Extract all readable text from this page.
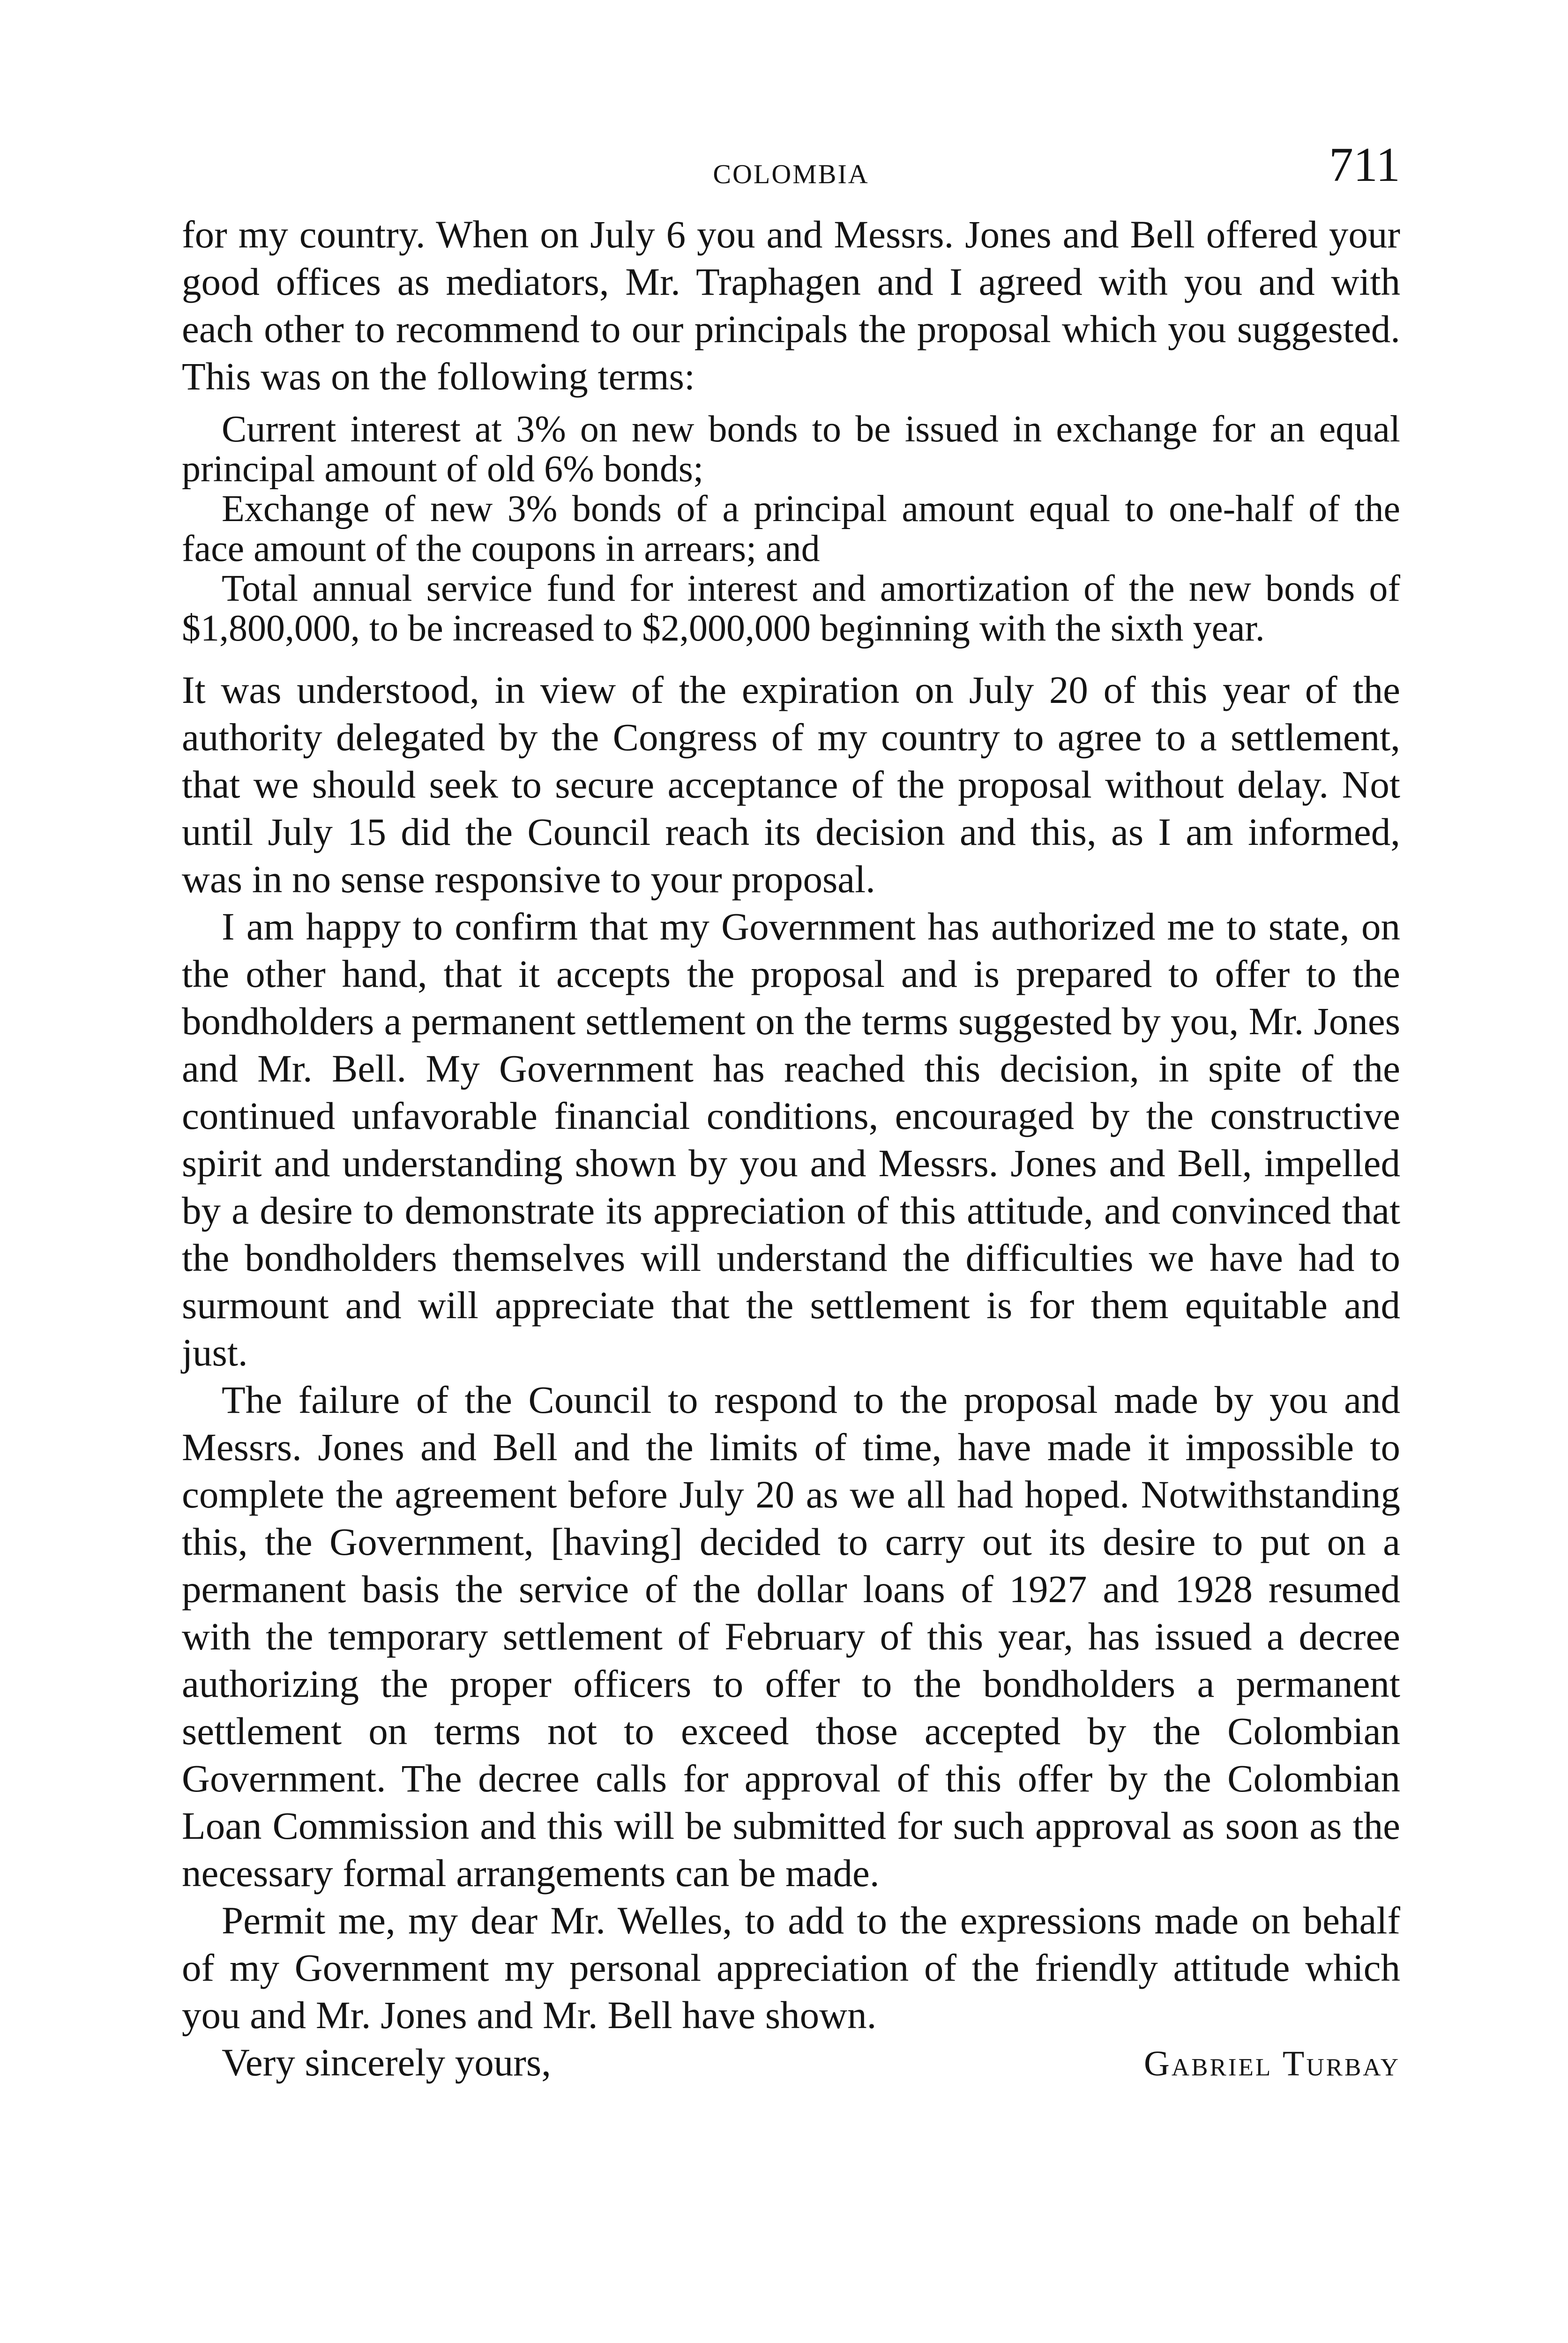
COLOMBIA	711

for my country. When on July 6 you and Messrs. Jones and Bell offered your good offices as mediators, Mr. Traphagen and I agreed with you and with each other to recommend to our principals the proposal which you suggested. This was on the following terms:

Current interest at 3% on new bonds to be issued in exchange for an equal principal amount of old 6% bonds;

Exchange of new 3% bonds of a principal amount equal to one-half of the face amount of the coupons in arrears; and

Total annual service fund for interest and amortization of the new bonds of $1,800,000, to be increased to $2,000,000 beginning with the sixth year.

It was understood, in view of the expiration on July 20 of this year of the authority delegated by the Congress of my country to agree to a settlement, that we should seek to secure acceptance of the proposal without delay. Not until July 15 did the Council reach its decision and this, as I am informed, was in no sense responsive to your proposal.

I am happy to confirm that my Government has authorized me to state, on the other hand, that it accepts the proposal and is prepared to offer to the bondholders a permanent settlement on the terms suggested by you, Mr. Jones and Mr. Bell. My Government has reached this decision, in spite of the continued unfavorable financial conditions, encouraged by the constructive spirit and understanding shown by you and Messrs. Jones and Bell, impelled by a desire to demonstrate its appreciation of this attitude, and convinced that the bondholders themselves will understand the difficulties we have had to surmount and will appreciate that the settlement is for them equitable and just.

The failure of the Council to respond to the proposal made by you and Messrs. Jones and Bell and the limits of time, have made it impossible to complete the agreement before July 20 as we all had hoped. Notwithstanding this, the Government, [having] decided to carry out its desire to put on a permanent basis the service of the dollar loans of 1927 and 1928 resumed with the temporary settlement of February of this year, has issued a decree authorizing the proper officers to offer to the bondholders a permanent settlement on terms not to exceed those accepted by the Colombian Government. The decree calls for approval of this offer by the Colombian Loan Commission and this will be submitted for such approval as soon as the necessary formal arrangements can be made.

Permit me, my dear Mr. Welles, to add to the expressions made on behalf of my Government my personal appreciation of the friendly attitude which you and Mr. Jones and Mr. Bell have shown.

Very sincerely yours,	Gabriel Turbay
